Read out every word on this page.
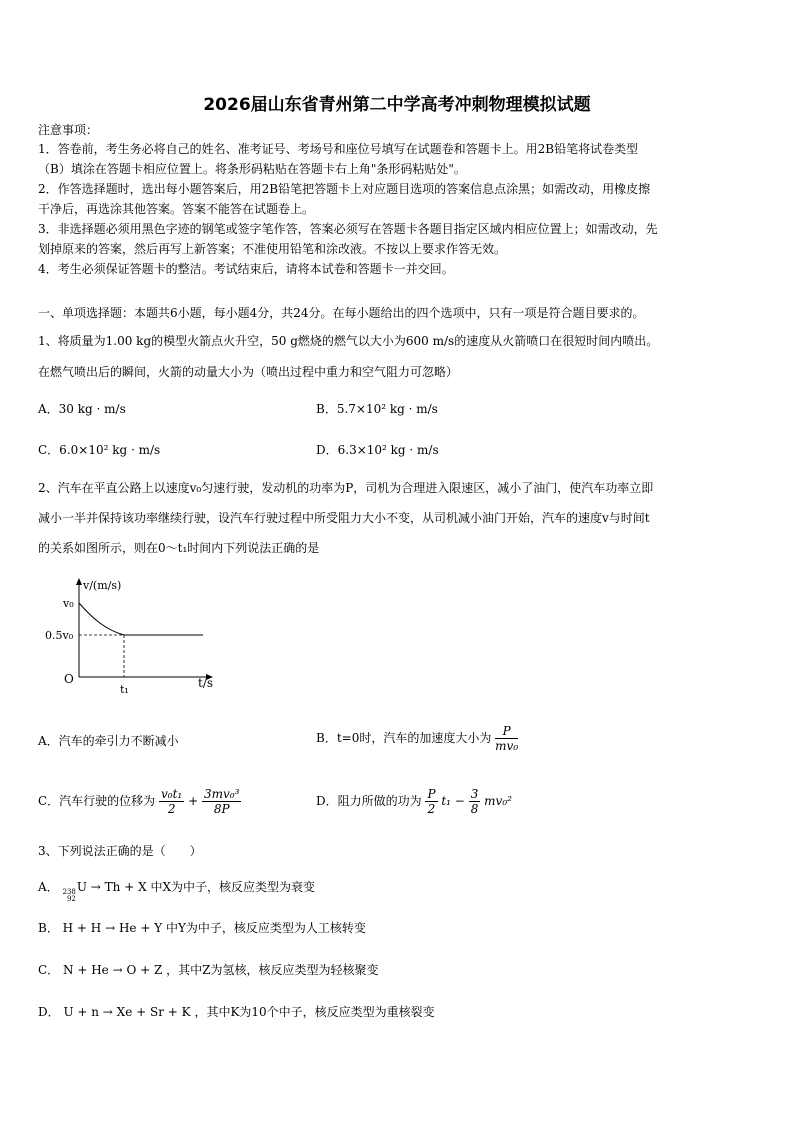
2026届山东省青州第二中学高考冲刺物理模拟试题
注意事项：
1．答卷前，考生务必将自己的姓名、准考证号、考场号和座位号填写在试题卷和答题卡上。用2B铅笔将试卷类型
（B）填涂在答题卡相应位置上。将条形码粘贴在答题卡右上角"条形码粘贴处"。
2．作答选择题时，选出每小题答案后，用2B铅笔把答题卡上对应题目选项的答案信息点涂黑；如需改动，用橡皮擦
干净后，再选涂其他答案。答案不能答在试题卷上。
3．非选择题必须用黑色字迹的钢笔或签字笔作答，答案必须写在答题卡各题目指定区域内相应位置上；如需改动，先
划掉原来的答案，然后再写上新答案；不准使用铅笔和涂改液。不按以上要求作答无效。
4．考生必须保证答题卡的整洁。考试结束后，请将本试卷和答题卡一并交回。
一、单项选择题：本题共6小题，每小题4分，共24分。在每小题给出的四个选项中，只有一项是符合题目要求的。
1、将质量为1.00 kg的模型火箭点火升空，50 g燃烧的燃气以大小为600 m/s的速度从火箭喷口在很短时间内喷出。
在燃气喷出后的瞬间，火箭的动量大小为（喷出过程中重力和空气阻力可忽略）
A．30 kg · m/s	B．5.7×10² kg · m/s
C．6.0×10² kg · m/s	D．6.3×10² kg · m/s
2、汽车在平直公路上以速度v₀匀速行驶，发动机的功率为P，司机为合理进入限速区，减小了油门，使汽车功率立即
减小一半并保持该功率继续行驶，设汽车行驶过程中所受阻力大小不变，从司机减小油门开始，汽车的速度v与时间t
的关系如图所示，则在0～t₁时间内下列说法正确的是
v/(m/s)
v₀
0.5v₀
O
t₁	t/s
A．汽车的牵引力不断减小	B．t=0时，汽车的加速度大小为 $\frac{P}{\text{mv₀}}$
C．汽车行驶的位移为 $\frac{\text{v₀t₁}}{2} + \frac{\text{3mv₀³}}{8P}$	D．阻力所做的功为 $\frac{P}{2} t_1 - \frac{3}{8} mv_0^2$
3、下列说法正确的是（　　）
A． 238
92
U → Th + X 中X为中子，核反应类型为衰变
B． H + H → He + Y 中Y为中子，核反应类型为人工核转变
C． N + He → O + Z ，其中Z为氢核，核反应类型为轻核聚变
D． U + n → Xe + Sr + K ，其中K为10个中子，核反应类型为重核裂变
